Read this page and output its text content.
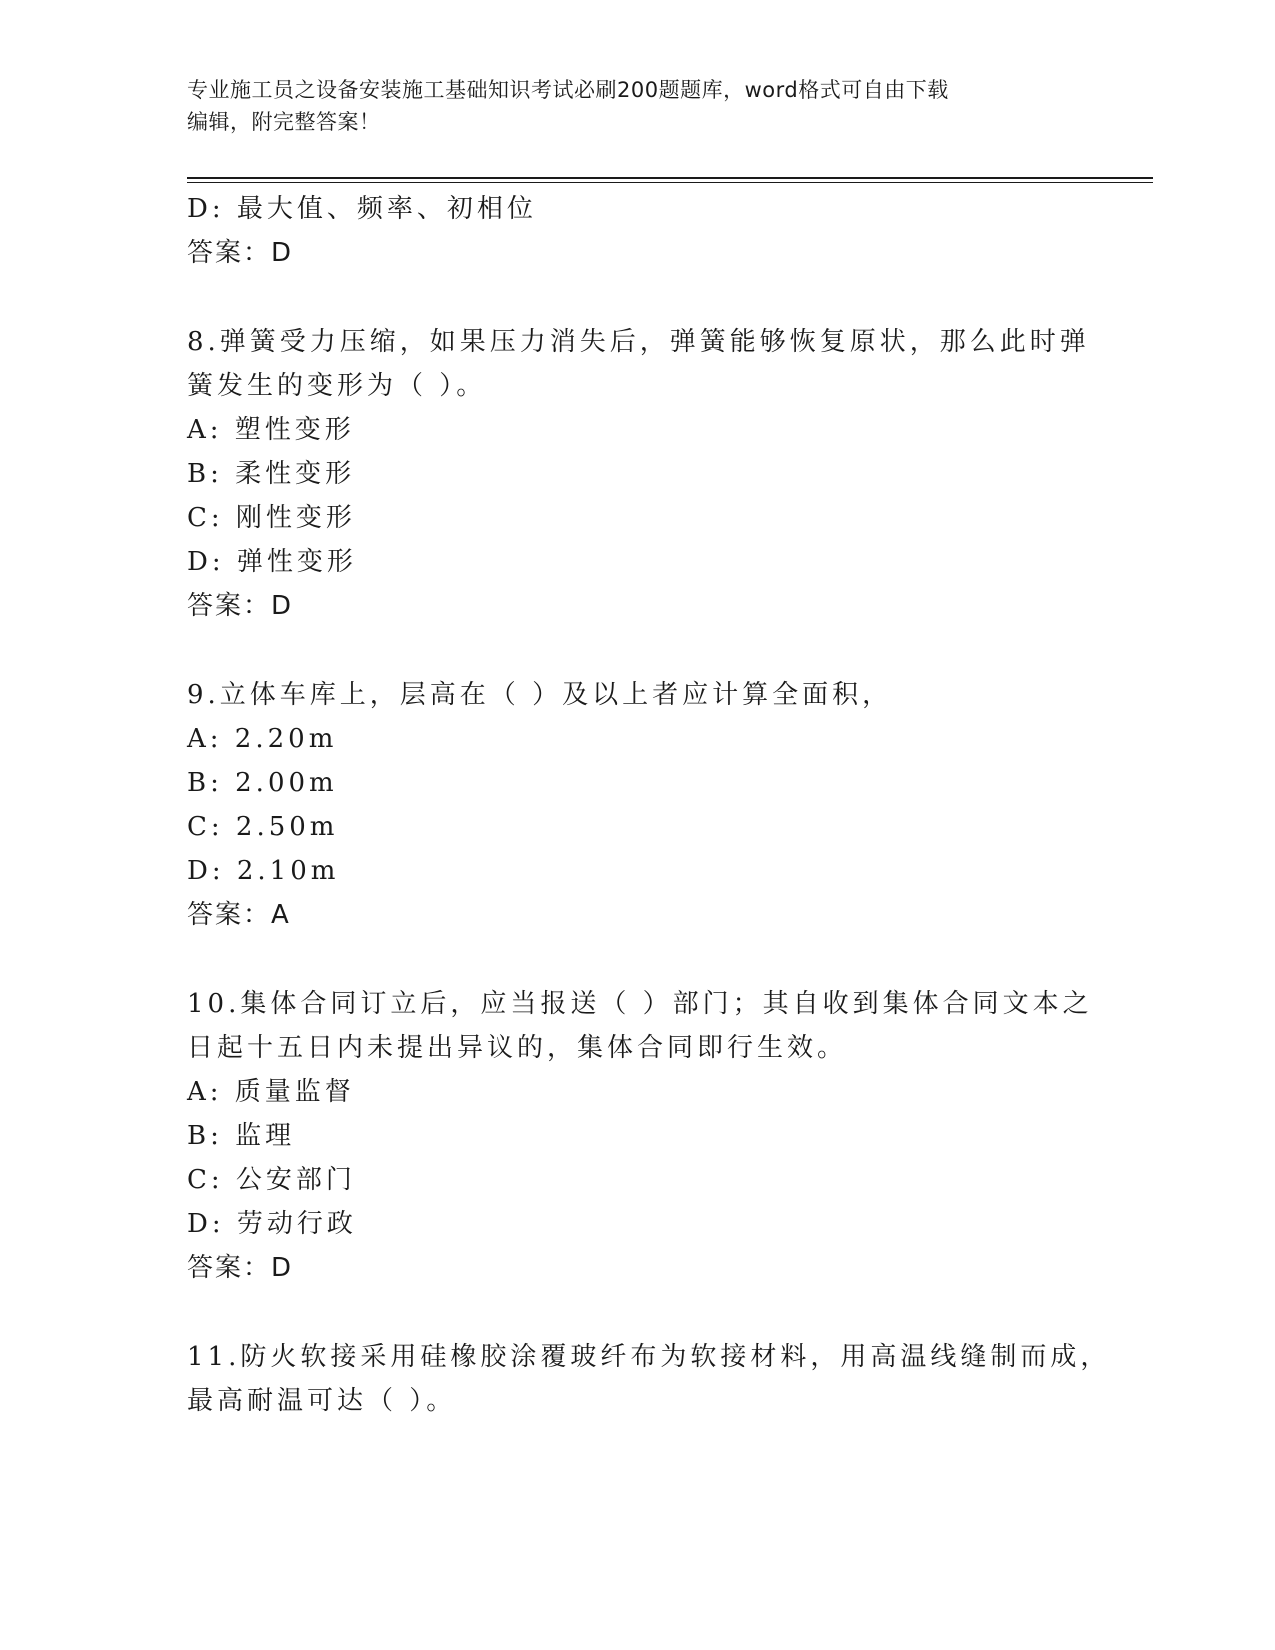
专业施工员之设备安装施工基础知识考试必刷200题题库，word格式可自由下载
编辑，附完整答案！
D: 最大值、频率、初相位
答案：D
8.弹簧受力压缩，如果压力消失后，弹簧能够恢复原状，那么此时弹
簧发生的变形为（ ）。
A: 塑性变形
B: 柔性变形
C: 刚性变形
D: 弹性变形
答案：D
9.立体车库上，层高在（ ）及以上者应计算全面积，
A: 2.20m
B: 2.00m
C: 2.50m
D: 2.10m
答案：A
10.集体合同订立后，应当报送（ ）部门；其自收到集体合同文本之
日起十五日内未提出异议的，集体合同即行生效。
A: 质量监督
B: 监理
C: 公安部门
D: 劳动行政
答案：D
11.防火软接采用硅橡胶涂覆玻纤布为软接材料，用高温线缝制而成，
最高耐温可达（ ）。
